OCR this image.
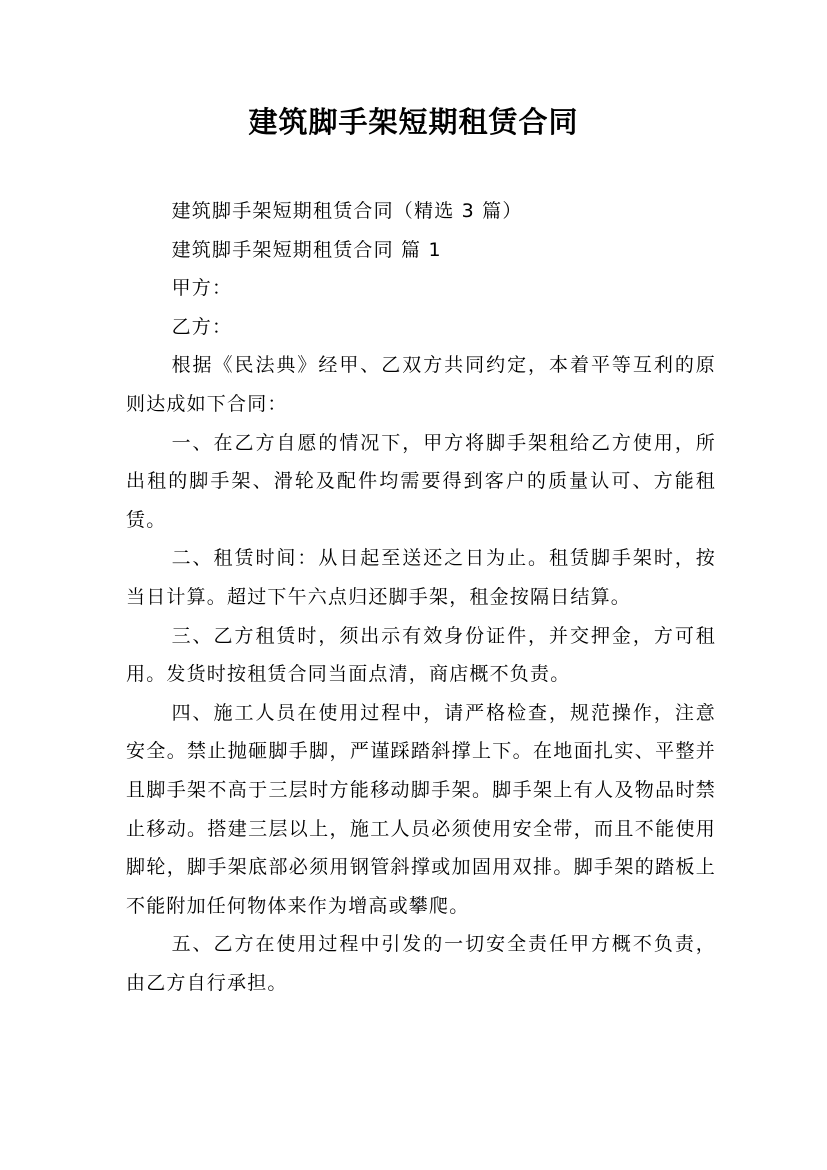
建筑脚手架短期租赁合同

建筑脚手架短期租赁合同（精选 3 篇）

建筑脚手架短期租赁合同 篇 1

甲方：

乙方：

根据《民法典》经甲、乙双方共同约定，本着平等互利的原则达成如下合同：

一、在乙方自愿的情况下，甲方将脚手架租给乙方使用，所出租的脚手架、滑轮及配件均需要得到客户的质量认可、方能租赁。

二、租赁时间：从日起至送还之日为止。租赁脚手架时，按当日计算。超过下午六点归还脚手架，租金按隔日结算。

三、乙方租赁时，须出示有效身份证件，并交押金，方可租用。发货时按租赁合同当面点清，商店概不负责。

四、施工人员在使用过程中，请严格检查，规范操作，注意安全。禁止抛砸脚手脚，严谨踩踏斜撑上下。在地面扎实、平整并且脚手架不高于三层时方能移动脚手架。脚手架上有人及物品时禁止移动。搭建三层以上，施工人员必须使用安全带，而且不能使用脚轮，脚手架底部必须用钢管斜撑或加固用双排。脚手架的踏板上不能附加任何物体来作为增高或攀爬。

五、乙方在使用过程中引发的一切安全责任甲方概不负责，由乙方自行承担。
